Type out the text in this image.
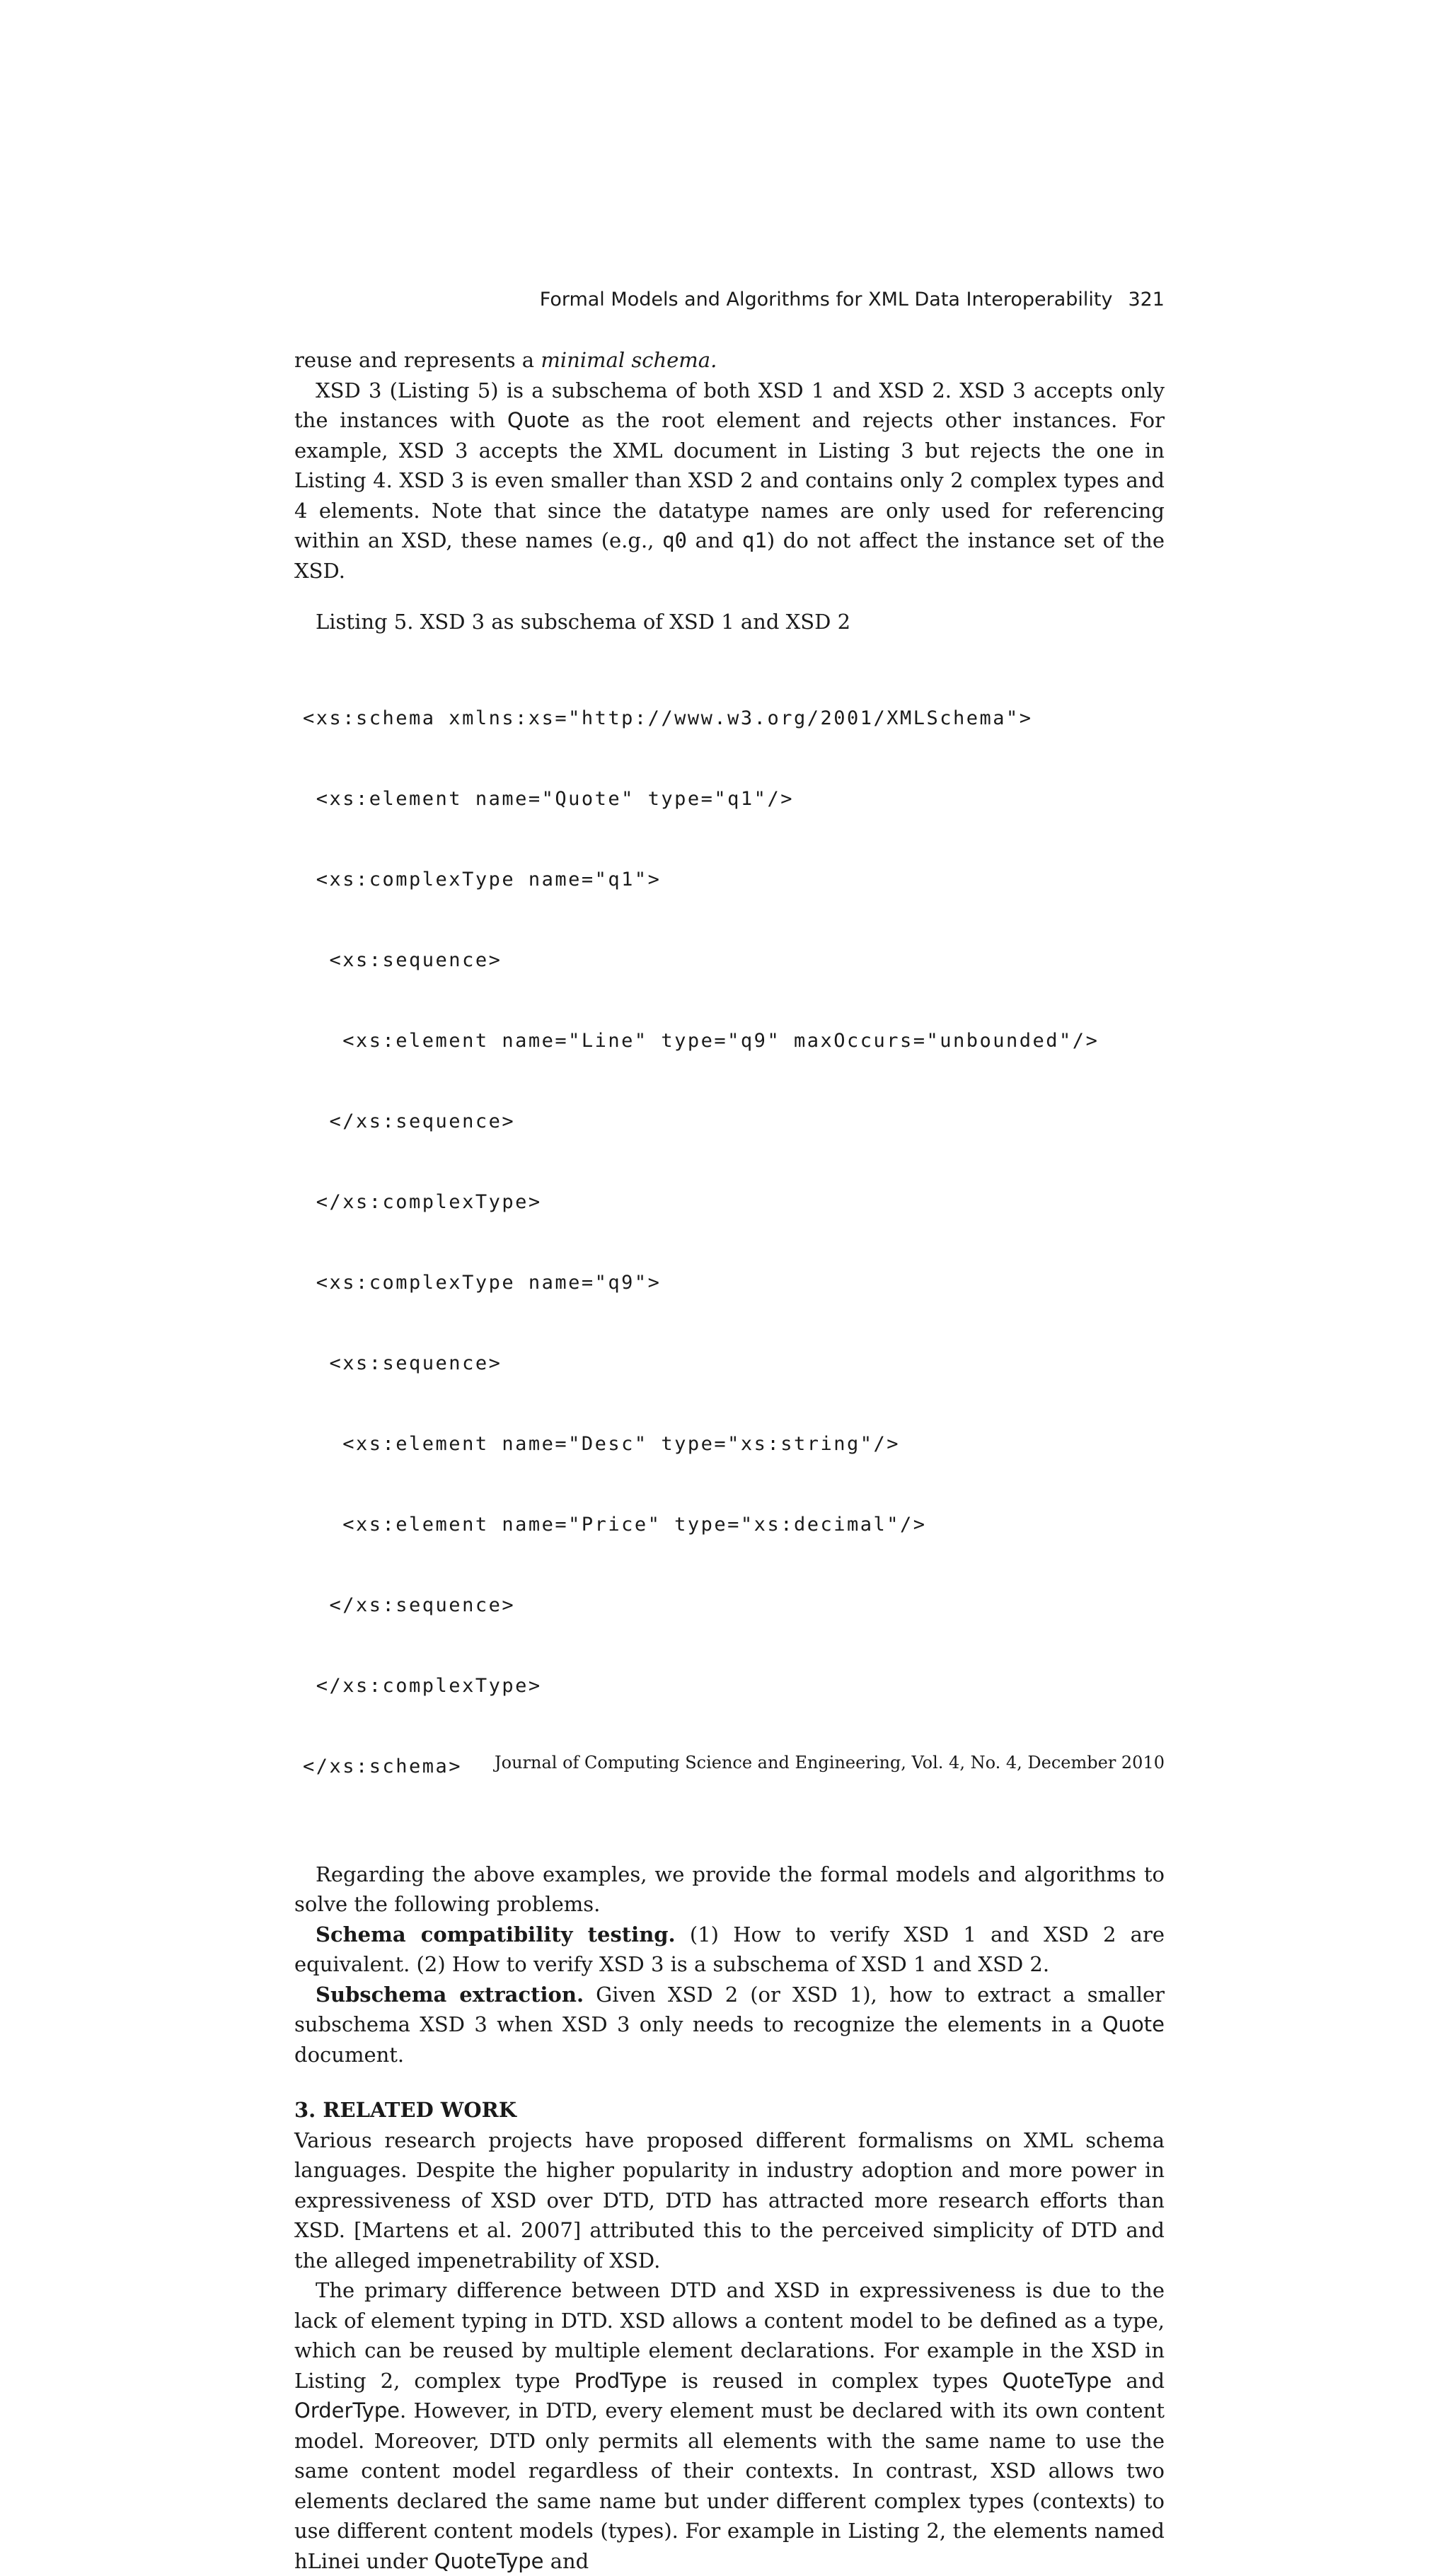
Formal Models and Algorithms for XML Data Interoperability 321

reuse and represents a minimal schema.

XSD 3 (Listing 5) is a subschema of both XSD 1 and XSD 2. XSD 3 accepts only the instances with Quote as the root element and rejects other instances. For example, XSD 3 accepts the XML document in Listing 3 but rejects the one in Listing 4. XSD 3 is even smaller than XSD 2 and contains only 2 complex types and 4 elements. Note that since the datatype names are only used for referencing within an XSD, these names (e.g., q0 and q1) do not affect the instance set of the XSD.

Listing 5. XSD 3 as subschema of XSD 1 and XSD 2

<xs:schema xmlns:xs="http://www.w3.org/2001/XMLSchema">

<xs:element name="Quote" type="q1"/>

<xs:complexType name="q1">

<xs:sequence>

<xs:element name="Line" type="q9" maxOccurs="unbounded"/>

</xs:sequence>

</xs:complexType>

<xs:complexType name="q9">

<xs:sequence>

<xs:element name="Desc" type="xs:string"/>

<xs:element name="Price" type="xs:decimal"/>

</xs:sequence>

</xs:complexType>

</xs:schema>

Regarding the above examples, we provide the formal models and algorithms to solve the following problems.

Schema compatibility testing. (1) How to verify XSD 1 and XSD 2 are equivalent. (2) How to verify XSD 3 is a subschema of XSD 1 and XSD 2.

Subschema extraction. Given XSD 2 (or XSD 1), how to extract a smaller subschema XSD 3 when XSD 3 only needs to recognize the elements in a Quote document.

3. RELATED WORK

Various research projects have proposed different formalisms on XML schema languages. Despite the higher popularity in industry adoption and more power in expressiveness of XSD over DTD, DTD has attracted more research efforts than XSD. [Martens et al. 2007] attributed this to the perceived simplicity of DTD and the alleged impenetrability of XSD.

The primary difference between DTD and XSD in expressiveness is due to the lack of element typing in DTD. XSD allows a content model to be defined as a type, which can be reused by multiple element declarations. For example in the XSD in Listing 2, complex type ProdType is reused in complex types QuoteType and OrderType. However, in DTD, every element must be declared with its own content model. Moreover, DTD only permits all elements with the same name to use the same content model regardless of their contexts. In contrast, XSD allows two elements declared the same name but under different complex types (contexts) to use different content models (types). For example in Listing 2, the elements named hLinei under QuoteType and

Journal of Computing Science and Engineering, Vol. 4, No. 4, December 2010
